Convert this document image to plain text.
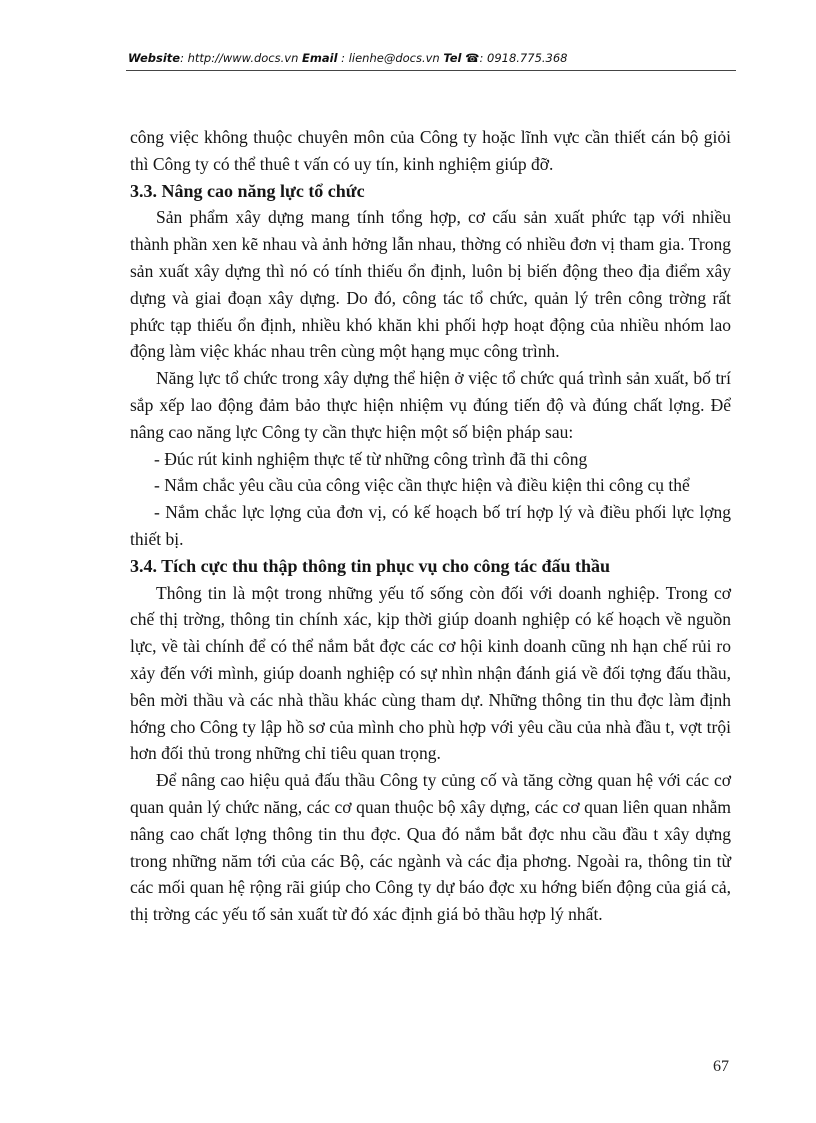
Website: http://www.docs.vn Email : lienhe@docs.vn Tel ☎: 0918.775.368

công việc không thuộc chuyên môn của Công ty hoặc lĩnh vực cần thiết cán bộ giỏi thì Công ty có thể thuê t vấn có uy tín, kinh nghiệm giúp đỡ.

3.3. Nâng cao năng lực tổ chức

Sản phẩm xây dựng mang tính tổng hợp, cơ cấu sản xuất phức tạp với nhiều thành phần xen kẽ nhau và ảnh hởng lẫn nhau, thờng có nhiều đơn vị tham gia. Trong sản xuất xây dựng thì nó có tính thiếu ổn định, luôn bị biến động theo địa điểm xây dựng và giai đoạn xây dựng. Do đó, công tác tổ chức, quản lý trên công trờng rất phức tạp thiếu ổn định, nhiều khó khăn khi phối hợp hoạt động của nhiều nhóm lao động làm việc khác nhau trên cùng một hạng mục công trình.

Năng lực tổ chức trong xây dựng thể hiện ở việc tổ chức quá trình sản xuất, bố trí sắp xếp lao động đảm bảo thực hiện nhiệm vụ đúng tiến độ và đúng chất lợng. Để nâng cao năng lực Công ty cần thực hiện một số biện pháp sau:

- Đúc rút kinh nghiệm thực tế từ những công trình đã thi công

- Nắm chắc yêu cầu của công việc cần thực hiện và điều kiện thi công cụ thể

- Nắm chắc lực lợng của đơn vị, có kế hoạch bố trí hợp lý và điều phối lực lợng thiết bị.

3.4. Tích cực thu thập thông tin phục vụ cho công tác đấu thầu

Thông tin là một trong những yếu tố sống còn đối với doanh nghiệp. Trong cơ chế thị trờng, thông tin chính xác, kịp thời giúp doanh nghiệp có kế hoạch về nguồn lực, về tài chính để có thể nắm bắt đợc các cơ hội kinh doanh cũng nh hạn chế rủi ro xảy đến với mình, giúp doanh nghiệp có sự nhìn nhận đánh giá về đối tợng đấu thầu, bên mời thầu và các nhà thầu khác cùng tham dự. Những thông tin thu đợc làm định hớng cho Công ty lập hồ sơ của mình cho phù hợp với yêu cầu của nhà đầu t, vợt trội hơn đối thủ trong những chỉ tiêu quan trọng.

Để nâng cao hiệu quả đấu thầu Công ty củng cố và tăng cờng quan hệ với các cơ quan quản lý chức năng, các cơ quan thuộc bộ xây dựng, các cơ quan liên quan nhằm nâng cao chất lợng thông tin thu đợc. Qua đó nắm bắt đợc nhu cầu đầu t xây dựng trong những năm tới của các Bộ, các ngành và các địa phơng. Ngoài ra, thông tin từ các mối quan hệ rộng rãi giúp cho Công ty dự báo đợc xu hớng biến động của giá cả, thị trờng các yếu tố sản xuất từ đó xác định giá bỏ thầu hợp lý nhất.

67
